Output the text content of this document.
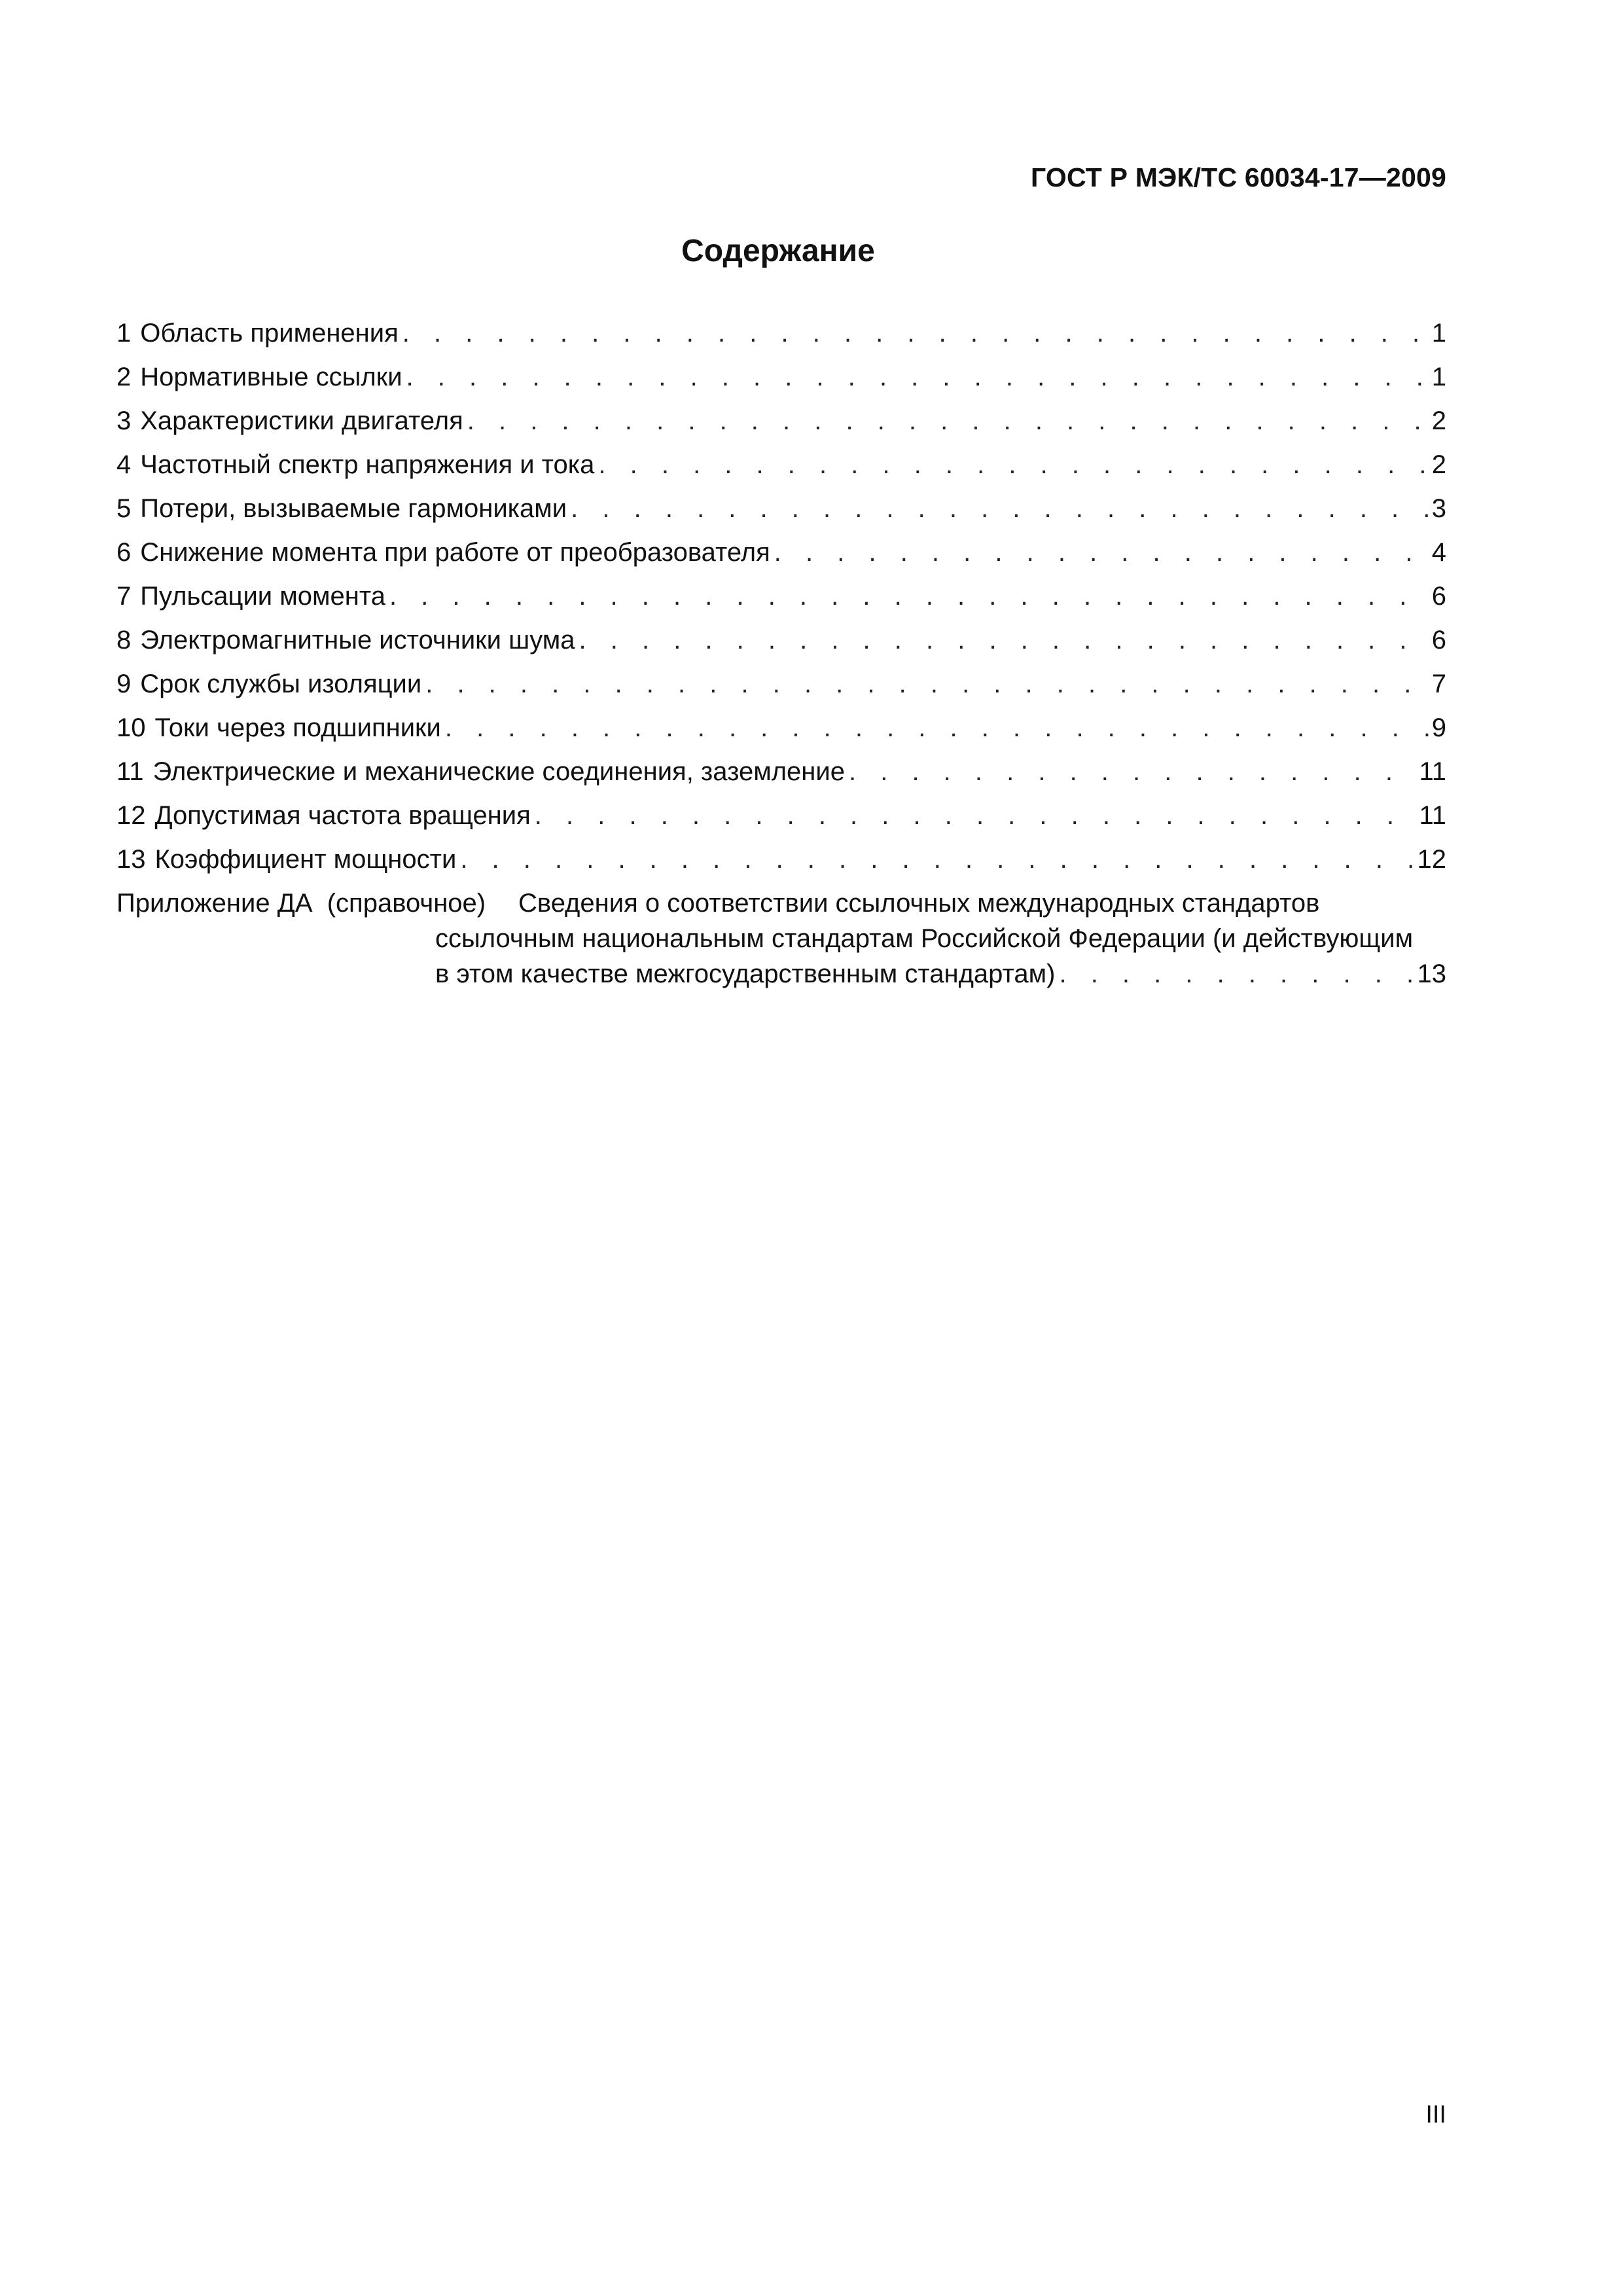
ГОСТ Р МЭК/ТС 60034-17—2009
Содержание
1 Область применения . . .	1
2 Нормативные ссылки . . .	1
3 Характеристики двигателя . . .	2
4 Частотный спектр напряжения и тока . . .	2
5 Потери, вызываемые гармониками . . .	3
6 Снижение момента при работе от преобразователя . . .	4
7 Пульсации момента . . .	6
8 Электромагнитные источники шума . . .	6
9 Срок службы изоляции . . .	7
10 Токи через подшипники . . .	9
11 Электрические и механические соединения, заземление . . .	11
12 Допустимая частота вращения . . .	11
13 Коэффициент мощности . . .	12
Приложение ДА (справочное) Сведения о соответствии ссылочных международных стандартов
ссылочным национальным стандартам Российской Федерации (и действующим
в этом качестве межгосударственным стандартам) . . .	13
III
